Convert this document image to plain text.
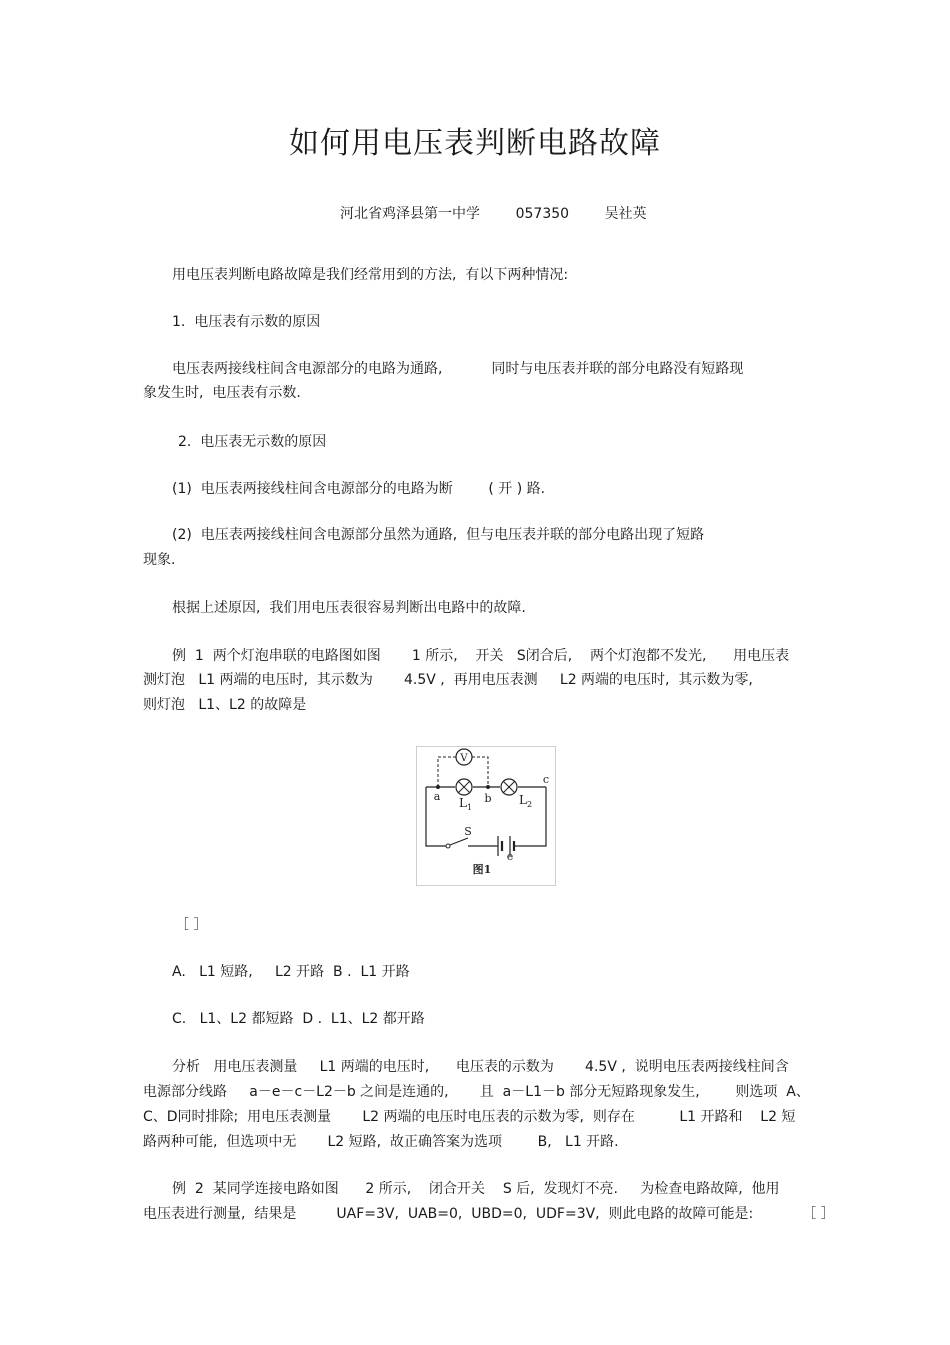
如何用电压表判断电路故障
河北省鸡泽县第一中学        057350        吴社英
用电压表判断电路故障是我们经常用到的方法,  有以下两种情况:
1.  电压表有示数的原因
电压表两接线柱间含电源部分的电路为通路,           同时与电压表并联的部分电路没有短路现
象发生时,  电压表有示数.
2.  电压表无示数的原因
(1)  电压表两接线柱间含电源部分的电路为断        ( 开 ) 路.
(2)  电压表两接线柱间含电源部分虽然为通路,  但与电压表并联的部分电路出现了短路
现象.
根据上述原因,  我们用电压表很容易判断出电路中的故障.
例  1  两个灯泡串联的电路图如图       1 所示,    开关   S闭合后,    两个灯泡都不发光,      用电压表
测灯泡   L1 两端的电压时,  其示数为       4.5V ,  再用电压表测     L2 两端的电压时,  其示数为零,
则灯泡   L1、L2 的故障是
V
a	b
c
$L_1$
$L_2$
S
e
图1
［ ］
A.   L1 短路,     L2 开路  B .  L1 开路
C.   L1、L2 都短路  D .  L1、L2 都开路
分析   用电压表测量     L1 两端的电压时,      电压表的示数为       4.5V ,  说明电压表两接线柱间含
电源部分线路     a－e－c－L2－b 之间是连通的,       且  a－L1－b 部分无短路现象发生,        则选项  A、
C、D同时排除;  用电压表测量       L2 两端的电压时电压表的示数为零,  则存在          L1 开路和    L2 短
路两种可能,  但选项中无       L2 短路,  故正确答案为选项        B,   L1 开路.
例  2  某同学连接电路如图      2 所示,    闭合开关    S 后,  发现灯不亮.     为检查电路故障,  他用
电压表进行测量,  结果是         UAF=3V,  UAB=0,  UBD=0,  UDF=3V,  则此电路的故障可能是:           ［ ］
